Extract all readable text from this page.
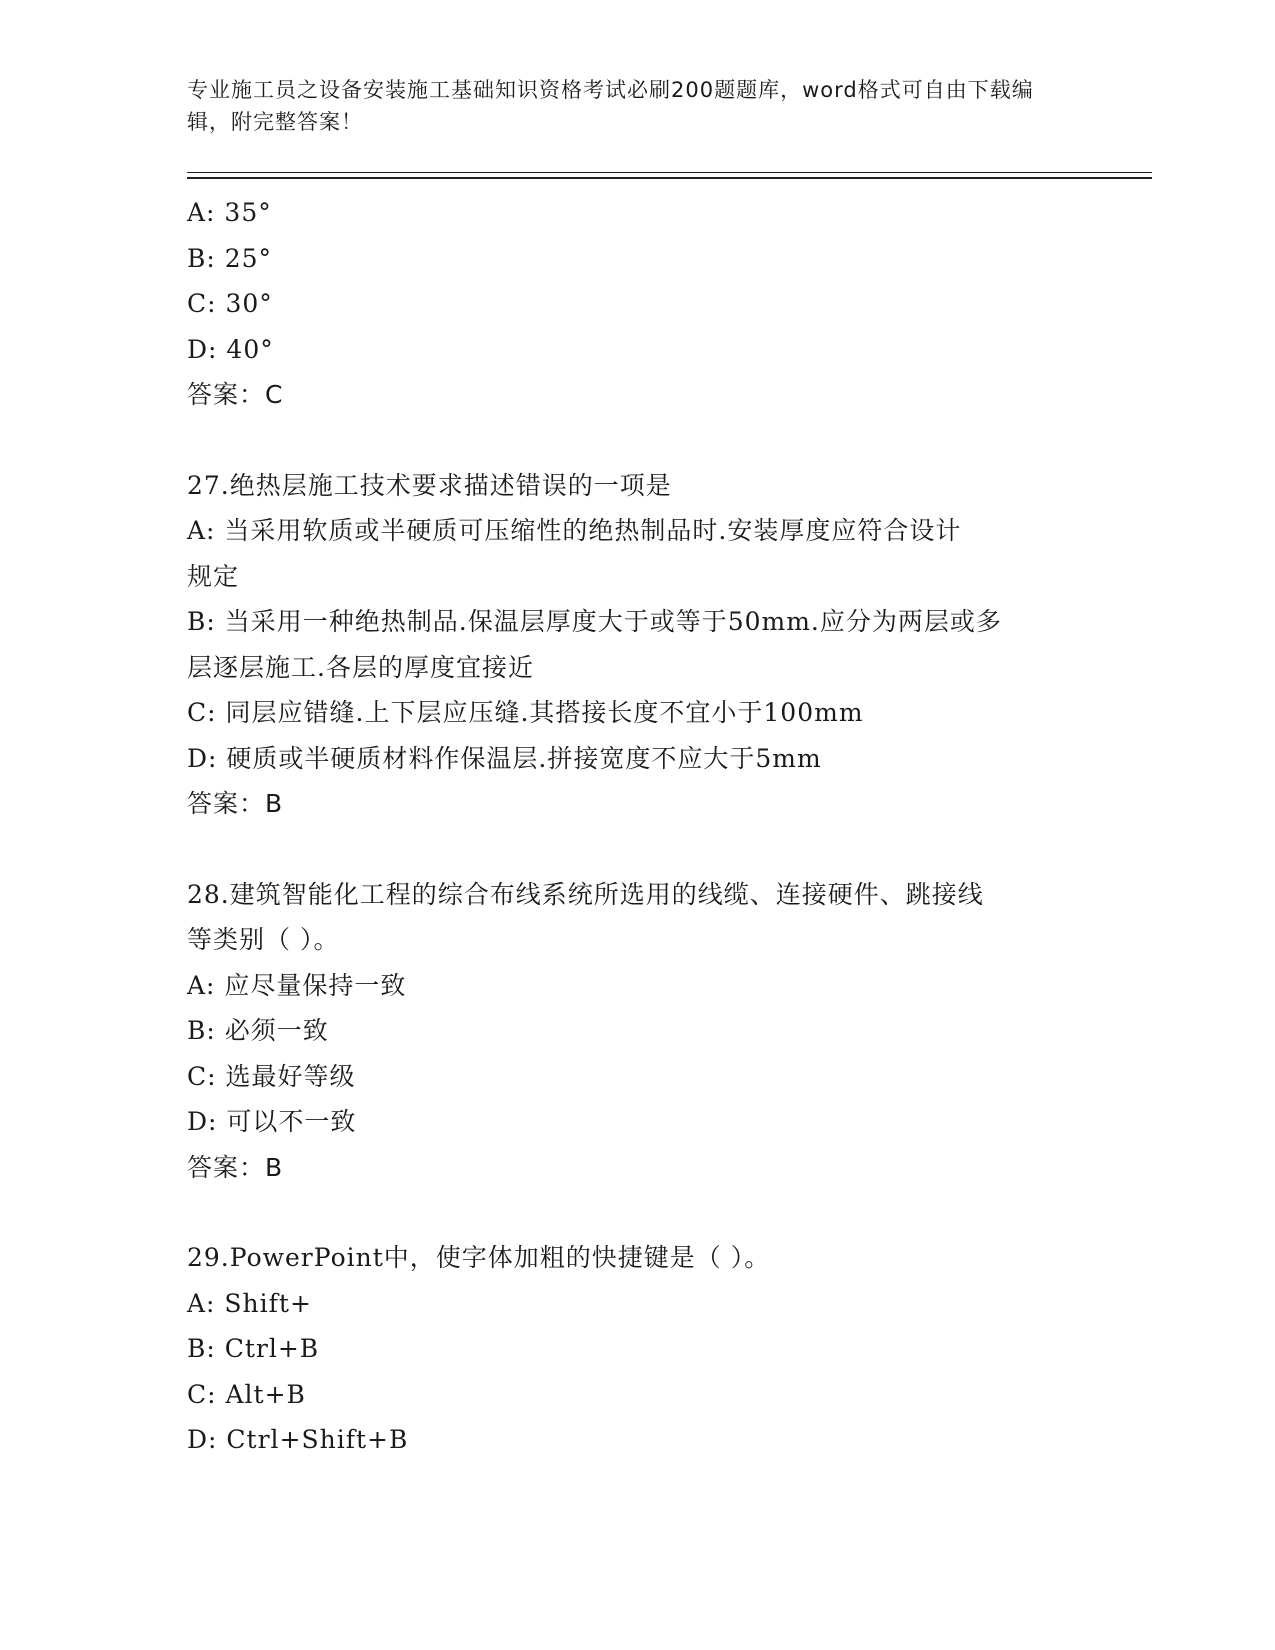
专业施工员之设备安装施工基础知识资格考试必刷200题题库，word格式可自由下载编辑，附完整答案！
A: 35°
B: 25°
C: 30°
D: 40°
答案：C
27.绝热层施工技术要求描述错误的一项是
A: 当采用软质或半硬质可压缩性的绝热制品时.安装厚度应符合设计
规定
B: 当采用一种绝热制品.保温层厚度大于或等于50mm.应分为两层或多
层逐层施工.各层的厚度宜接近
C: 同层应错缝.上下层应压缝.其搭接长度不宜小于100mm
D: 硬质或半硬质材料作保温层.拼接宽度不应大于5mm
答案：B
28.建筑智能化工程的综合布线系统所选用的线缆、连接硬件、跳接线
等类别（ ）。
A: 应尽量保持一致
B: 必须一致
C: 选最好等级
D: 可以不一致
答案：B
29.PowerPoint中，使字体加粗的快捷键是（ ）。
A: Shift+
B: Ctrl+B
C: Alt+B
D: Ctrl+Shift+B
